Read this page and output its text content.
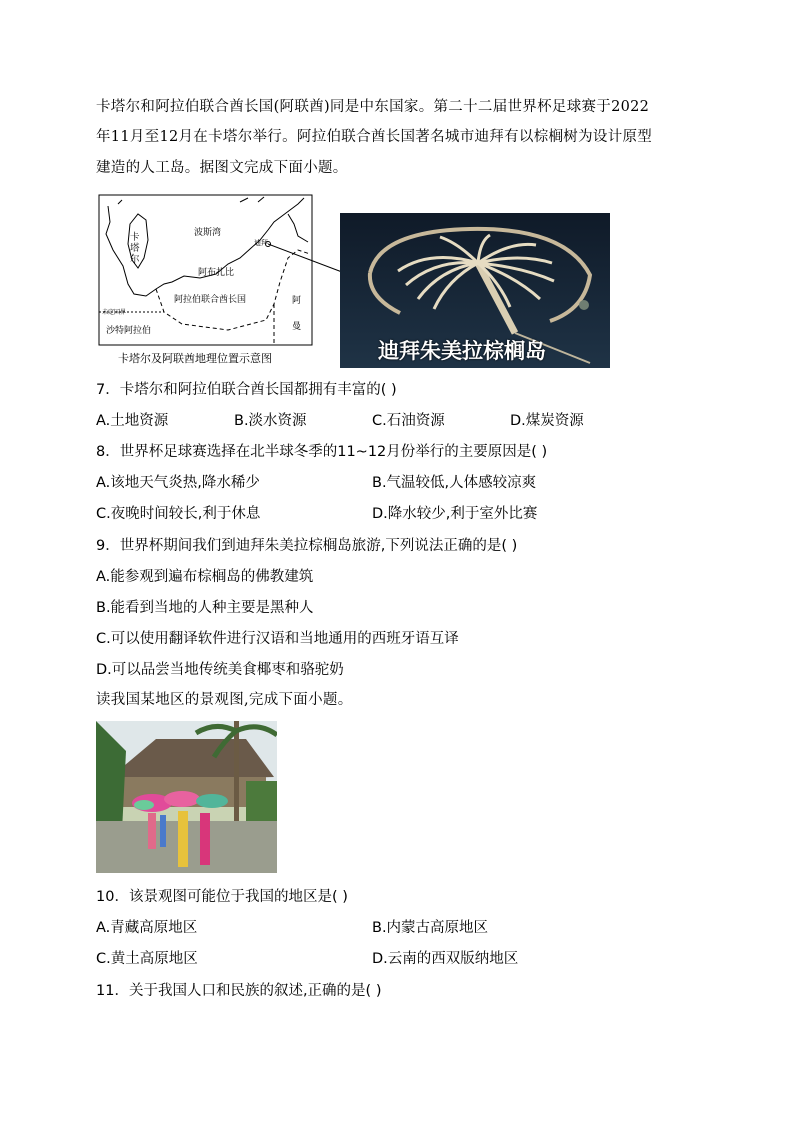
卡塔尔和阿拉伯联合酋长国(阿联酋)同是中东国家。第二十二届世界杯足球赛于2022
年11月至12月在卡塔尔举行。阿拉伯联合酋长国著名城市迪拜有以棕榈树为设计原型
建造的人工岛。据图文完成下面小题。
卡
塔
尔
波斯湾
迪拜
阿布扎比
阿拉伯联合酋长国	阿
曼
未定国界
沙特阿拉伯
卡塔尔及阿联酋地理位置示意图	迪拜朱美拉棕榈岛
7．卡塔尔和阿拉伯联合酋长国都拥有丰富的( )
A.土地资源	B.淡水资源	C.石油资源	D.煤炭资源
8．世界杯足球赛选择在北半球冬季的11~12月份举行的主要原因是( )
A.该地天气炎热,降水稀少	B.气温较低,人体感较凉爽
C.夜晚时间较长,利于休息	D.降水较少,利于室外比赛
9．世界杯期间我们到迪拜朱美拉棕榈岛旅游,下列说法正确的是( )
A.能参观到遍布棕榈岛的佛教建筑
B.能看到当地的人种主要是黑种人
C.可以使用翻译软件进行汉语和当地通用的西班牙语互译
D.可以品尝当地传统美食椰枣和骆驼奶
读我国某地区的景观图,完成下面小题。
10．该景观图可能位于我国的地区是( )
A.青藏高原地区	B.内蒙古高原地区
C.黄土高原地区	D.云南的西双版纳地区
11．关于我国人口和民族的叙述,正确的是( )
